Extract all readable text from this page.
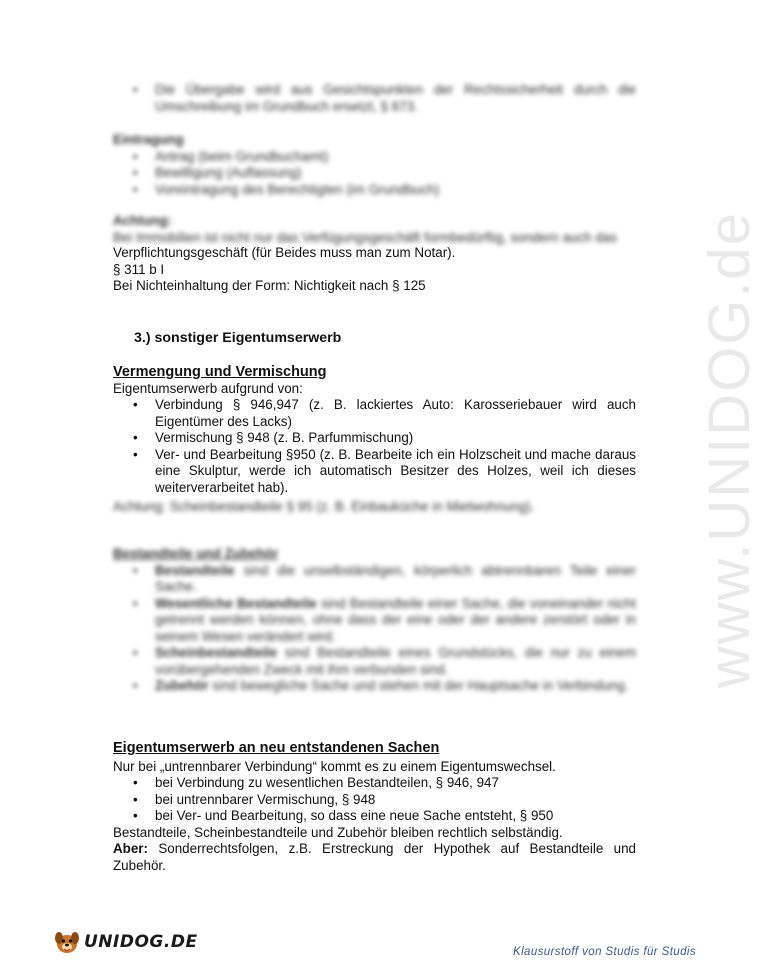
www.UNIDOG.de
• Die Übergabe wird aus Gesichtspunkten der Rechtssicherheit durch die Umschreibung im Grundbuch ersetzt, § 873.
Eintragung
• Antrag (beim Grundbuchamt)
• Bewilligung (Auflassung)
• Voreintragung des Berechtigten (im Grundbuch)
Achtung:
Bei Immobilien ist nicht nur das Verfügungsgeschäft formbedürftig, sondern auch das
Verpflichtungsgeschäft (für Beides muss man zum Notar).
§ 311 b I
Bei Nichteinhaltung der Form: Nichtigkeit nach § 125
3.) sonstiger Eigentumserwerb
Vermengung und Vermischung
Eigentumserwerb aufgrund von:
• Verbindung § 946,947 (z. B. lackiertes Auto: Karosseriebauer wird auch Eigentümer des Lacks)
• Vermischung § 948 (z. B. Parfummischung)
• Ver- und Bearbeitung §950 (z. B. Bearbeite ich ein Holzscheit und mache daraus eine Skulptur, werde ich automatisch Besitzer des Holzes, weil ich dieses weiterverarbeitet hab).
Achtung: Scheinbestandteile § 95 (z. B. Einbauküche in Mietwohnung).
Bestandteile und Zubehör
• Bestandteile sind die unselbständigen, körperlich abtrennbaren Teile einer Sache.
• Wesentliche Bestandteile sind Bestandteile einer Sache, die voneinander nicht getrennt werden können, ohne dass der eine oder der andere zerstört oder in seinem Wesen verändert wird.
• Scheinbestandteile sind Bestandteile eines Grundstücks, die nur zu einem vorübergehenden Zweck mit ihm verbunden sind.
• Zubehör sind bewegliche Sache und stehen mit der Hauptsache in Verbindung.
Eigentumserwerb an neu entstandenen Sachen
Nur bei „untrennbarer Verbindung“ kommt es zu einem Eigentumswechsel.
• bei Verbindung zu wesentlichen Bestandteilen, § 946, 947
• bei untrennbarer Vermischung, § 948
• bei Ver- und Bearbeitung, so dass eine neue Sache entsteht, § 950
Bestandteile, Scheinbestandteile und Zubehör bleiben rechtlich selbständig.
Aber: Sonderrechtsfolgen, z.B. Erstreckung der Hypothek auf Bestandteile und Zubehör.
UNIDOG.DE
Klausurstoff von Studis für Studis
